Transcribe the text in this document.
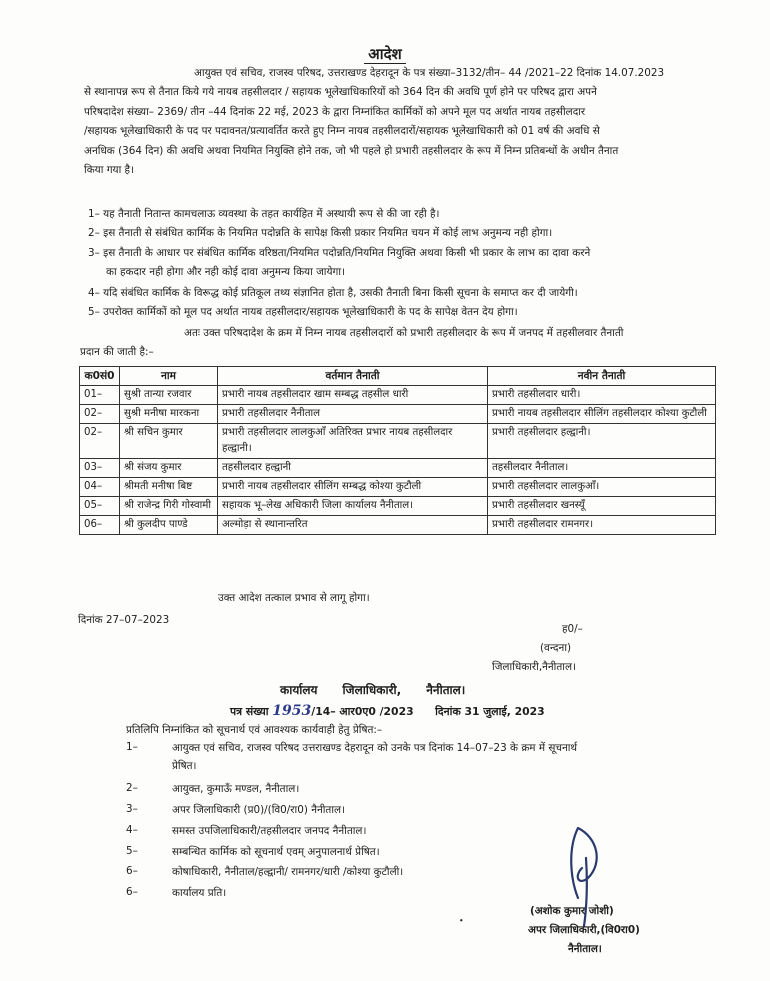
आदेश
आयुक्त एवं सचिव, राजस्व परिषद, उत्तराखण्ड देहरादून के पत्र संख्या–3132/तीन– 44 /2021–22 दिनांक 14.07.2023
से स्थानापन्न रूप से तैनात किये गये नायब तहसीलदार / सहायक भूलेखाधिकारियों को 364 दिन की अवधि पूर्ण होने पर परिषद द्वारा अपने
परिषदादेश संख्या– 2369/ तीन –44 दिनांक 22 मई, 2023 के द्वारा निम्नांकित कार्मिकों को अपने मूल पद अर्थात नायब तहसीलदार
/सहायक भूलेखाधिकारी के पद पर पदावनत/प्रत्यावर्तित करते हुए निम्न नायब तहसीलदारों/सहायक भूलेखाधिकारी को 01 वर्ष की अवधि से
अनधिक (364 दिन) की अवधि अथवा नियमित नियुक्ति होने तक, जो भी पहले हो प्रभारी तहसीलदार के रूप में निम्न प्रतिबन्धों के अधीन तैनात
किया गया है।
1– यह तैनाती नितान्त कामचलाऊ व्यवस्था के तहत कार्यहित में अस्थायी रूप से की जा रही है।
2– इस तैनाती से संबंधित कार्मिक के नियमित पदोन्नति के सापेक्ष किसी प्रकार नियमित चयन में कोई लाभ अनुमन्य नही होगा।
3– इस तैनाती के आधार पर संबंधित कार्मिक वरिष्ठता/नियमित पदोन्नति/नियमित नियुक्ति अथवा किसी भी प्रकार के लाभ का दावा करने
का हकदार नही होगा और नही कोई दावा अनुमन्य किया जायेगा।
4– यदि संबंधित कार्मिक के विरूद्ध कोई प्रतिकूल तथ्य संज्ञानित होता है, उसकी तैनाती बिना किसी सूचना के समाप्त कर दी जायेगी।
5– उपरोक्त कार्मिकों को मूल पद अर्थात नायब तहसीलदार/सहायक भूलेखाधिकारी के पद के सापेक्ष वेतन देय होगा।
अतः उक्त परिषदादेश के क्रम में निम्न नायब तहसीलदारों को प्रभारी तहसीलदार के रूप में जनपद में तहसीलवार तैनाती
प्रदान की जाती है:–
क0सं0	नाम	वर्तमान तैनाती	नवीन तैनाती
01–	सुश्री तान्या रजवार	प्रभारी नायब तहसीलदार खाम सम्बद्ध तहसील धारी	प्रभारी तहसीलदार धारी।
02–	सुश्री मनीषा मारकना	प्रभारी तहसीलदार नैनीताल	प्रभारी नायब तहसीलदार सीलिंग तहसीलदार कोश्या कुटौली
02–	श्री सचिन कुमार	प्रभारी तहसीलदार लालकुआँ अतिरिक्त प्रभार नायब तहसीलदार हल्द्वानी।	प्रभारी तहसीलदार हल्द्वानी।
03–	श्री संजय कुमार	तहसीलदार हल्द्वानी	तहसीलदार नैनीताल।
04–	श्रीमती मनीषा बिष्ट	प्रभारी नायब तहसीलदार सीलिंग सम्बद्ध कोश्या कुटौली	प्रभारी तहसीलदार लालकुआँ।
05–	श्री राजेन्द्र गिरी गोस्वामी	सहायक भू–लेख अधिकारी जिला कार्यालय नैनीताल।	प्रभारी तहसीलदार खनस्यूँ
06–	श्री कुलदीप पाण्डे	अल्मोड़ा से स्थानान्तरित	प्रभारी तहसीलदार रामनगर।
उक्त आदेश तत्काल प्रभाव से लागू होगा।
दिनांक 27–07–2023
ह0/–
(वन्दना)
जिलाधिकारी,नैनीताल।
कार्यालय      जिलाधिकारी,      नैनीताल।
पत्र संख्या 1953/14– आर0ए0 /2023 दिनांक 31 जुलाई, 2023
प्रतिलिपि निम्नांकित को सूचनार्थ एवं आवश्यक कार्यवाही हेतु प्रेषित:–
1–	आयुक्त एवं सचिव, राजस्व परिषद उत्तराखण्ड देहरादून को उनके पत्र दिनांक 14–07–23 के क्रम में सूचनार्थ
प्रेषित।
2–	आयुक्त, कुमाऊँ मण्डल, नैनीताल।
3–	अपर जिलाधिकारी (प्र0)/(वि0/रा0) नैनीताल।
4–	समस्त उपजिलाधिकारी/तहसीलदार जनपद नैनीताल।
5–	सम्बन्धित कार्मिक को सूचनार्थ एवम् अनुपालनार्थ प्रेषित।
6–	कोषाधिकारी, नैनीताल/हल्द्वानी/ रामनगर/धारी /कोश्या कुटौली।
6–	कार्यालय प्रति।
●
(अशोक कुमार जोशी)
अपर जिलाधिकारी,(वि0रा0)
नैनीताल।
